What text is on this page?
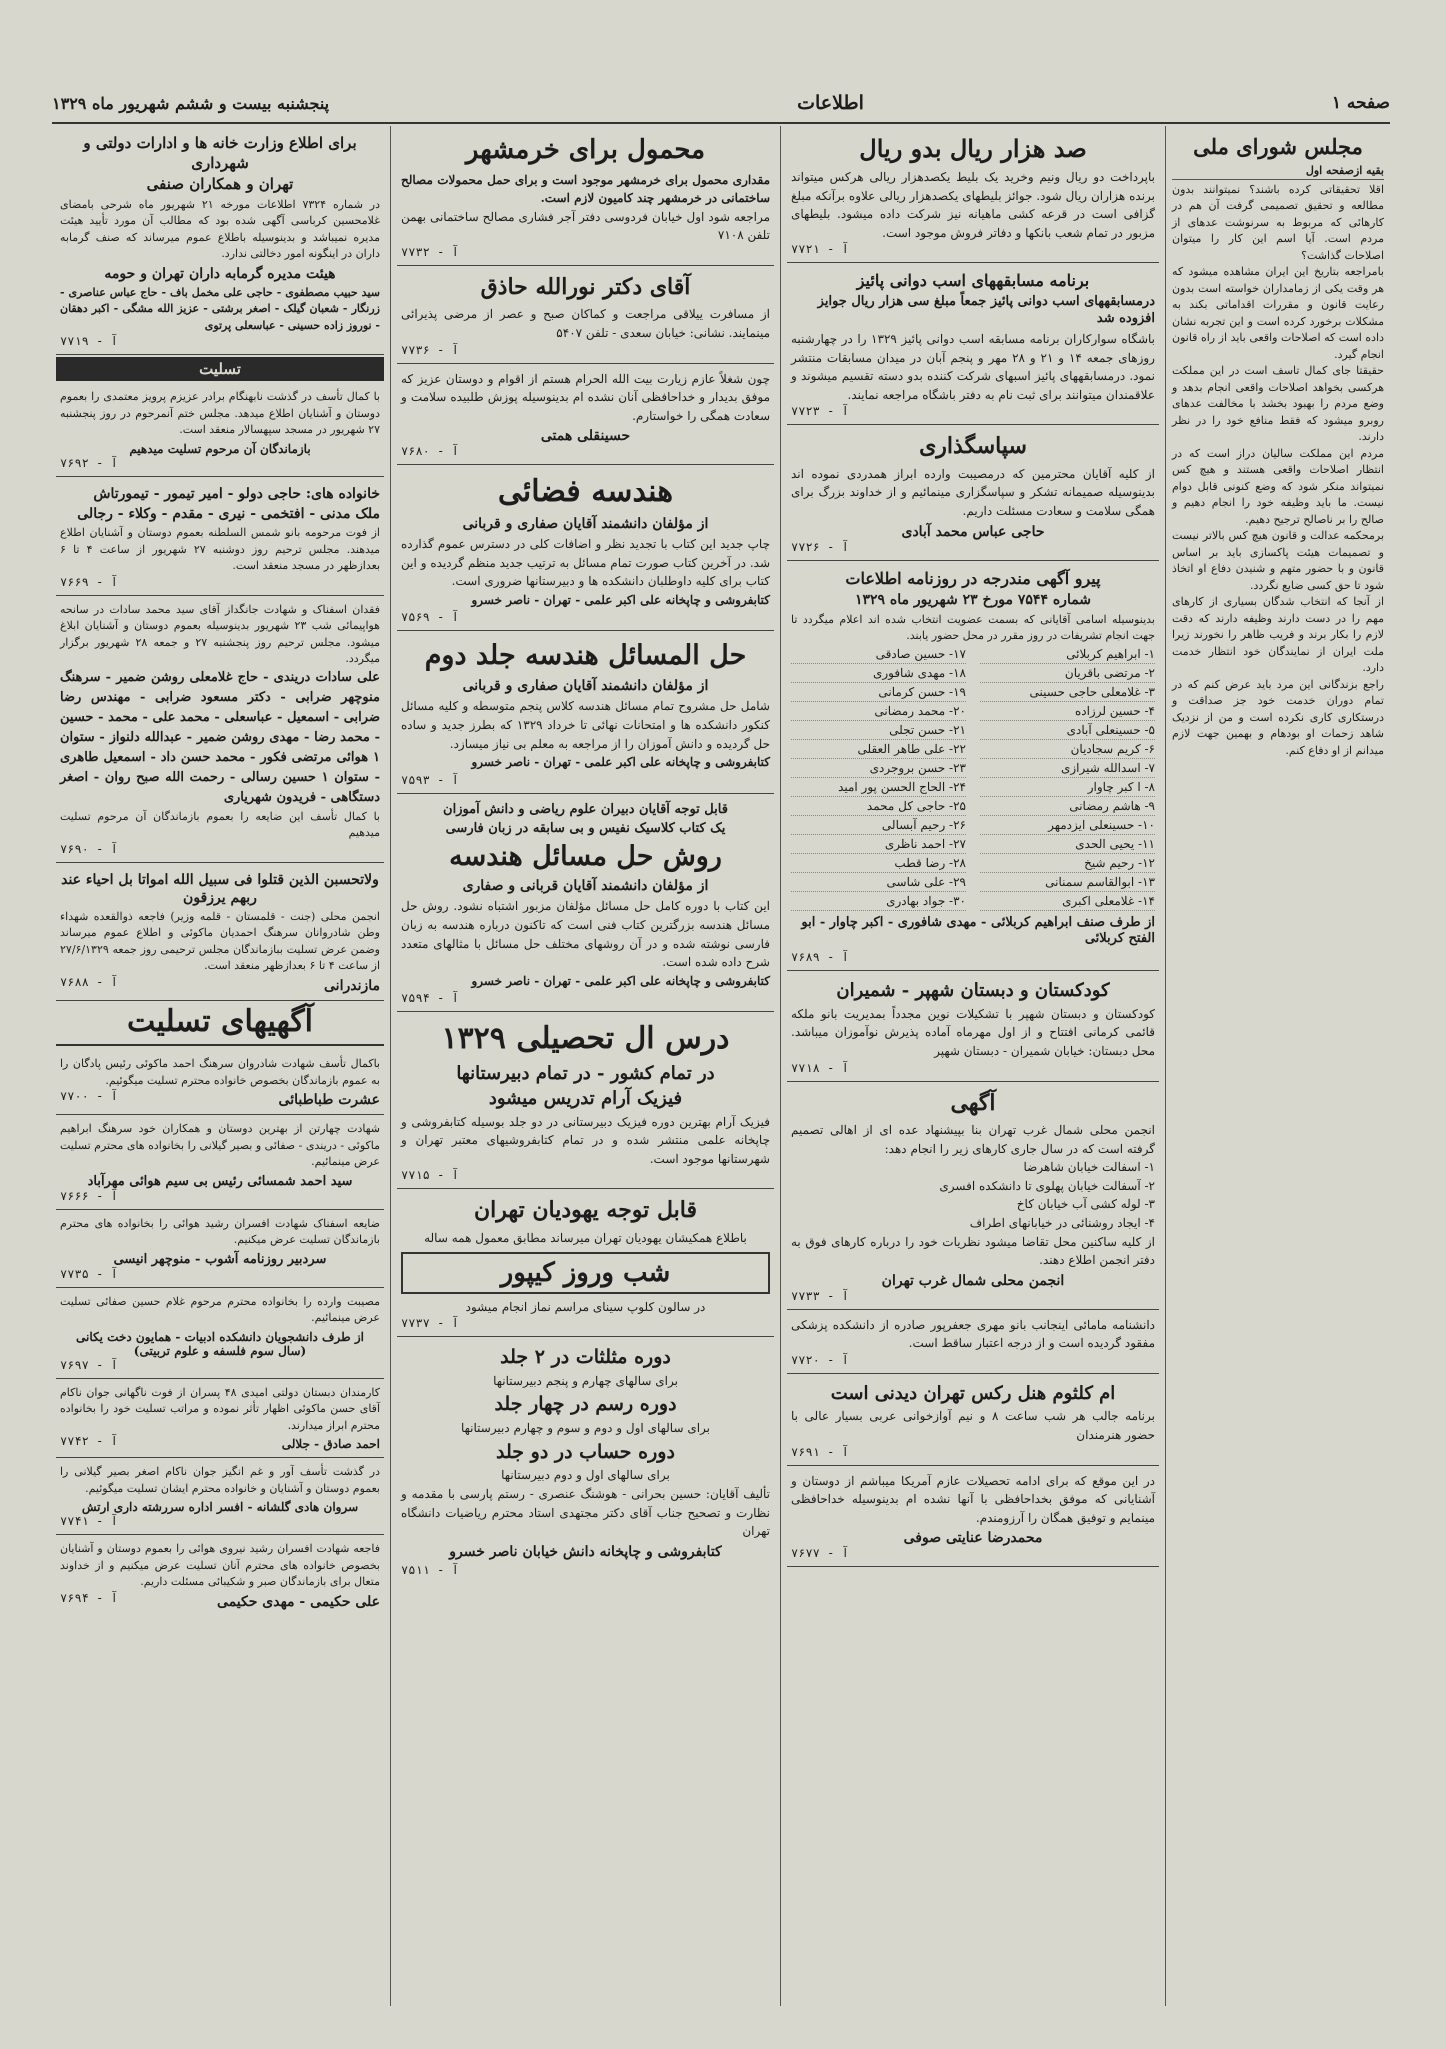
صفحه ۱
اطلاعات
پنجشنبه بیست و ششم شهریور ماه ۱۳۲۹
مجلس شورای ملی
بقیه ازصفحه اول

اقلا تحقیقاتی کرده باشند؟ نمیتوانند بدون مطالعه و تحقیق تصمیمی گرفت آن هم در کارهائی که مربوط به سرنوشت عدهای از مردم است. آیا اسم این کار را میتوان اصلاحات گذاشت؟

بامراجعه بتاریخ این ایران مشاهده میشود که هر وقت یکی از زمامداران خواسته است بدون رعایت قانون و مقررات اقداماتی بکند به مشکلات برخورد کرده است و این تجربه نشان داده است که اصلاحات واقعی باید از راه قانون انجام گیرد.

حقیقتا جای کمال تاسف است در این مملکت هرکسی بخواهد اصلاحات واقعی انجام بدهد و وضع مردم را بهبود بخشد با مخالفت عدهای روبرو میشود که فقط منافع خود را در نظر دارند.

مردم این مملکت سالیان دراز است که در انتظار اصلاحات واقعی هستند و هیچ کس نمیتواند منکر شود که وضع کنونی قابل دوام نیست. ما باید وظیفه خود را انجام دهیم و صالح را بر ناصالح ترجیح دهیم.

برمحکمه عدالت و قانون هیچ کس بالاتر نیست و تصمیمات هیئت پاکسازی باید بر اساس قانون و با حضور متهم و شنیدن دفاع او اتخاذ شود تا حق کسی ضایع نگردد.

از آنجا که انتخاب شدگان بسیاری از کارهای مهم را در دست دارند وظیفه دارند که دقت لازم را بکار برند و فریب ظاهر را نخورند زیرا ملت ایران از نمایندگان خود انتظار خدمت دارد.

راجع بزندگانی این مرد باید عرض کنم که در تمام دوران خدمت خود جز صداقت و درستکاری کاری نکرده است و من از نزدیک شاهد زحمات او بودهام و بهمین جهت لازم میدانم از او دفاع کنم.

صد هزار ریال بدو ریال

باپرداخت دو ریال ونیم وخرید یک بلیط یکصدهزار ریالی هرکس میتواند برنده هزاران ریال شود. جوائز بلیطهای یکصدهزار ریالی علاوه برآنکه مبلغ گزافی است در قرعه کشی ماهیانه نیز شرکت داده میشود. بلیطهای مزبور در تمام شعب بانکها و دفاتر فروش موجود است.

آ - ۷۷۲۱
برنامه مسابقههای اسب دوانی پائیز
درمسابقههای اسب دوانی پائیز جمعاً مبلغ سی هزار ریال جوایز افزوده شد

باشگاه سوارکاران برنامه مسابقه اسب دوانی پائیز ۱۳۲۹ را در چهارشنبه روزهای جمعه ۱۴ و ۲۱ و ۲۸ مهر و پنجم آبان در میدان مسابقات منتشر نمود. درمسابقههای پائیز اسبهای شرکت کننده بدو دسته تقسیم میشوند و علاقمندان میتوانند برای ثبت نام به دفتر باشگاه مراجعه نمایند.

آ - ۷۷۲۳
سپاسگذاری

از کلیه آقایان محترمین که درمصیبت وارده ابراز همدردی نموده اند بدینوسیله صمیمانه تشکر و سپاسگزاری مینمائیم و از خداوند بزرگ برای همگی سلامت و سعادت مسئلت داریم.

حاجی عباس محمد آبادی
آ - ۷۷۲۶
پیرو آگهی مندرجه در روزنامه اطلاعات
شماره ۷۵۴۴ مورخ ۲۳ شهریور ماه ۱۳۲۹

بدینوسیله اسامی آقایانی که بسمت عضویت انتخاب شده اند اعلام میگردد تا جهت انجام تشریفات در روز مقرر در محل حضور یابند.

۱- ابراهیم کربلائی
۱۷- حسین صادقی
۲- مرتضی باقریان
۱۸- مهدی شافوری
۳- غلامعلی حاجی حسینی
۱۹- حسن کرمانی
۴- حسین لرزاده
۲۰- محمد رمضانی
۵- حسینعلی آبادی
۲۱- حسن تجلی
۶- کریم سجادیان
۲۲- علی طاهر العقلی
۷- اسدالله شیرازی
۲۳- حسن بروجردی
۸- ا کبر چاوار
۲۴- الحاج الحسن پور امید
۹- هاشم رمضانی
۲۵- حاجی کل محمد
۱۰- حسینعلی ایزدمهر
۲۶- رحیم آبسالی
۱۱- یحیی الحدی
۲۷- احمد ناظری
۱۲- رحیم شیخ
۲۸- رضا قطب
۱۳- ابوالقاسم سمنانی
۲۹- علی شاسی
۱۴- غلامعلی اکبری
۳۰- جواد بهادری
از طرف صنف ابراهیم کربلائی - مهدی شافوری - اکبر چاوار - ابو الفتح کربلائی
آ - ۷۶۸۹
کودکستان و دبستان شهپر - شمیران

کودکستان و دبستان شهپر با تشکیلات نوین مجدداً بمدیریت بانو ملکه قائمی کرمانی افتتاح و از اول مهرماه آماده پذیرش نوآموزان میباشد. محل دبستان: خیابان شمیران - دبستان شهپر

آ - ۷۷۱۸
آگهی

انجمن محلی شمال غرب تهران بنا بپیشنهاد عده ای از اهالی تصمیم گرفته است که در سال جاری کارهای زیر را انجام دهد:

۱- اسفالت خیابان شاهرضا
۲- آسفالت خیابان پهلوی تا دانشکده افسری
۳- لوله کشی آب خیابان کاخ
۴- ایجاد روشنائی در خیابانهای اطراف

از کلیه ساکنین محل تقاضا میشود نظریات خود را درباره کارهای فوق به دفتر انجمن اطلاع دهند.

انجمن محلی شمال غرب تهران
آ - ۷۷۳۳

دانشنامه مامائی اینجانب بانو مهری جعفرپور صادره از دانشکده پزشکی مفقود گردیده است و از درجه اعتبار ساقط است.

آ - ۷۷۲۰
ام کلثوم هنل رکس تهران دیدنی است

برنامه جالب هر شب ساعت ۸ و نیم آوازخوانی عربی بسیار عالی با حضور هنرمندان

آ - ۷۶۹۱

در این موقع که برای ادامه تحصیلات عازم آمریکا میباشم از دوستان و آشنایانی که موفق بخداحافظی با آنها نشده ام بدینوسیله خداحافظی مینمایم و توفیق همگان را آرزومندم.

محمدرضا عنایتی صوفی
آ - ۷۶۷۷
محمول برای خرمشهر

مقداری محمول برای خرمشهر موجود است و برای حمل محمولات مصالح ساختمانی در خرمشهر چند کامیون لازم است.

مراجعه شود اول خیابان فردوسی دفتر آجر فشاری مصالح ساختمانی بهمن تلفن ۷۱۰۸

آ - ۷۷۳۲
آقای دکتر نورالله حاذق

از مسافرت ییلاقی مراجعت و کماکان صبح و عصر از مرضی پذیرائی مینمایند. نشانی: خیابان سعدی - تلفن ۵۴۰۷

آ - ۷۷۳۶

چون شغلاً عازم زیارت بیت الله الحرام هستم از اقوام و دوستان عزیز که موفق بدیدار و خداحافظی آنان نشده ام بدینوسیله پوزش طلبیده سلامت و سعادت همگی را خواستارم.

حسینقلی همتی
آ - ۷۶۸۰
هندسه فضائی
از مؤلفان دانشمند آقایان صفاری و قربانی

چاپ جدید این کتاب با تجدید نظر و اضافات کلی در دسترس عموم گذارده شد. در آخرین کتاب صورت تمام مسائل به ترتیب جدید منظم گردیده و این کتاب برای کلیه داوطلبان دانشکده ها و دبیرستانها ضروری است.

کتابفروشی و چاپخانه علی اکبر علمی - تهران - ناصر خسرو
آ - ۷۵۶۹
حل المسائل هندسه جلد دوم
از مؤلفان دانشمند آقایان صفاری و قربانی

شامل حل مشروح تمام مسائل هندسه کلاس پنجم متوسطه و کلیه مسائل کنکور دانشکده ها و امتحانات نهائی تا خرداد ۱۳۲۹ که بطرز جدید و ساده حل گردیده و دانش آموزان را از مراجعه به معلم بی نیاز میسازد.

کتابفروشی و چاپخانه علی اکبر علمی - تهران - ناصر خسرو
آ - ۷۵۹۳
قابل توجه آقایان دبیران علوم ریاضی و دانش آموزان
یک کتاب کلاسیک نفیس و بی سابقه در زبان فارسی
روش حل مسائل هندسه
از مؤلفان دانشمند آقایان قربانی و صفاری

این کتاب با دوره کامل حل مسائل مؤلفان مزبور اشتباه نشود. روش حل مسائل هندسه بزرگترین کتاب فنی است که تاکنون درباره هندسه به زبان فارسی نوشته شده و در آن روشهای مختلف حل مسائل با مثالهای متعدد شرح داده شده است.

کتابفروشی و چاپخانه علی اکبر علمی - تهران - ناصر خسرو
آ - ۷۵۹۴
درس ال تحصیلی ۱۳۲۹
در تمام کشور - در تمام دبیرستانها
فیزیک آرام تدریس میشود

فیزیک آرام بهترین دوره فیزیک دبیرستانی در دو جلد بوسیله کتابفروشی و چاپخانه علمی منتشر شده و در تمام کتابفروشیهای معتبر تهران و شهرستانها موجود است.

آ - ۷۷۱۵
قابل توجه یهودیان تهران

باطلاع همکیشان یهودیان تهران میرساند مطابق معمول همه ساله

شب وروز کیپور

در سالون کلوپ سینای مراسم نماز انجام میشود

آ - ۷۷۳۷
دوره مثلثات در ۲ جلد
برای سالهای چهارم و پنجم دبیرستانها
دوره رسم در چهار جلد
برای سالهای اول و دوم و سوم و چهارم دبیرستانها
دوره حساب در دو جلد
برای سالهای اول و دوم دبیرستانها

تألیف آقایان: حسین بحرانی - هوشنگ عنصری - رستم پارسی با مقدمه و نظارت و تصحیح جناب آقای دکتر مجتهدی استاد محترم ریاضیات دانشگاه تهران

کتابفروشی و چاپخانه دانش خیابان ناصر خسرو
آ - ۷۵۱۱
برای اطلاع وزارت خانه ها و ادارات دولتی و شهرداری
تهران و همکاران صنفی

در شماره ۷۳۲۴ اطلاعات مورخه ۲۱ شهریور ماه شرحی بامضای غلامحسین کرباسی آگهی شده بود که مطالب آن مورد تأیید هیئت مدیره نمیباشد و بدینوسیله باطلاع عموم میرساند که صنف گرمابه داران در اینگونه امور دخالتی ندارد.

هیئت مدیره گرمابه داران تهران و حومه

سید حبیب مصطفوی - حاجی علی مخمل باف - حاج عباس عناصری - زرنگار - شعبان گیلک - اصغر برشتی - عزیز الله مشگی - اکبر دهقان - نوروز زاده حسینی - عباسعلی پرتوی

آ - ۷۷۱۹
تسلیت

با کمال تأسف در گذشت نابهنگام برادر عزیزم پرویز معتمدی را بعموم دوستان و آشنایان اطلاع میدهد. مجلس ختم آنمرحوم در روز پنجشنبه ۲۷ شهریور در مسجد سپهسالار منعقد است.

بازماندگان آن مرحوم تسلیت میدهیم
آ - ۷۶۹۲
خانواده های: حاجی دولو - امیر تیمور - تیمورتاش
ملک مدنی - افتخمی - نیری - مقدم - وکلاء - رجالی

از فوت مرحومه بانو شمس السلطنه بعموم دوستان و آشنایان اطلاع میدهند. مجلس ترحیم روز دوشنبه ۲۷ شهریور از ساعت ۴ تا ۶ بعدازظهر در مسجد منعقد است.

آ - ۷۶۶۹

فقدان اسفناک و شهادت جانگداز آقای سید محمد سادات در سانحه هواپیمائی شب ۲۳ شهریور بدینوسیله بعموم دوستان و آشنایان ابلاغ میشود. مجلس ترحیم روز پنجشنبه ۲۷ و جمعه ۲۸ شهریور برگزار میگردد.

علی سادات دریندی - حاج غلامعلی روشن ضمیر - سرهنگ منوچهر ضرابی - دکتر مسعود ضرابی - مهندس رضا ضرابی - اسمعیل - عباسعلی - محمد علی - محمد - حسین - محمد رضا - مهدی روشن ضمیر - عبدالله دلنواز - ستوان ۱ هوائی مرتضی فکور - محمد حسن داد - اسمعیل طاهری - ستوان ۱ حسین رسالی - رحمت الله صبح روان - اصغر دستگاهی - فریدون شهریاری

با کمال تأسف این ضایعه را بعموم بازماندگان آن مرحوم تسلیت میدهیم
آ - ۷۶۹۰
ولاتحسبن الذین قتلوا فی سبیل الله امواتا بل احیاء عند ربهم یرزقون

انجمن محلی (جنت - قلمستان - قلمه وزیر) فاجعه ذوالقعده شهداء وطن شادروانان سرهنگ احمدیان ماکوئی و اطلاع عموم میرساند وضمن عرض تسلیت ببازماندگان مجلس ترحیمی روز جمعه ۲۷/۶/۱۳۲۹ از ساعت ۴ تا ۶ بعدازظهر منعقد است.

مازندرانی
آ - ۷۶۸۸
آگهیهای تسلیت

باکمال تأسف شهادت شادروان سرهنگ احمد ماکوئی رئیس پادگان را به عموم بازماندگان بخصوص خانواده محترم تسلیت میگوئیم.

عشرت طباطبائی
آ - ۷۷۰۰

شهادت چهارتن از بهترین دوستان و همکاران خود سرهنگ ابراهیم ماکوئی - دریندی - صفائی و بصیر گیلانی را بخانواده های محترم تسلیت عرض مینمائیم.

سید احمد شمسائی رئیس بی سیم هوائی مهرآباد
آ - ۷۶۶۶

ضایعه اسفناک شهادت افسران رشید هوائی را بخانواده های محترم بازماندگان تسلیت عرض میکنیم.

سردبیر روزنامه آشوب - منوچهر انیسی
آ - ۷۷۳۵

مصیبت وارده را بخانواده محترم مرحوم غلام حسین صفائی تسلیت عرض مینمائیم.

از طرف دانشجویان دانشکده ادبیات - همایون دخت یکانی (سال سوم فلسفه و علوم تربیتی)
آ - ۷۶۹۷

کارمندان دبستان دولتی امیدی ۴۸ پسران از فوت ناگهانی جوان ناکام آقای حسن ماکوئی اظهار تأثر نموده و مراتب تسلیت خود را بخانواده محترم ابراز میدارند.

احمد صادق - جلالی
آ - ۷۷۴۲

در گذشت تأسف آور و غم انگیز جوان ناکام اصغر بصیر گیلانی را بعموم دوستان و آشنایان و خانواده محترم ایشان تسلیت میگوئیم.

سروان هادی گلشانه - افسر اداره سررشته داری ارتش
آ - ۷۷۴۱

فاجعه شهادت افسران رشید نیروی هوائی را بعموم دوستان و آشنایان بخصوص خانواده های محترم آنان تسلیت عرض میکنیم و از خداوند متعال برای بازماندگان صبر و شکیبائی مسئلت داریم.

علی حکیمی - مهدی حکیمی
آ - ۷۶۹۴
